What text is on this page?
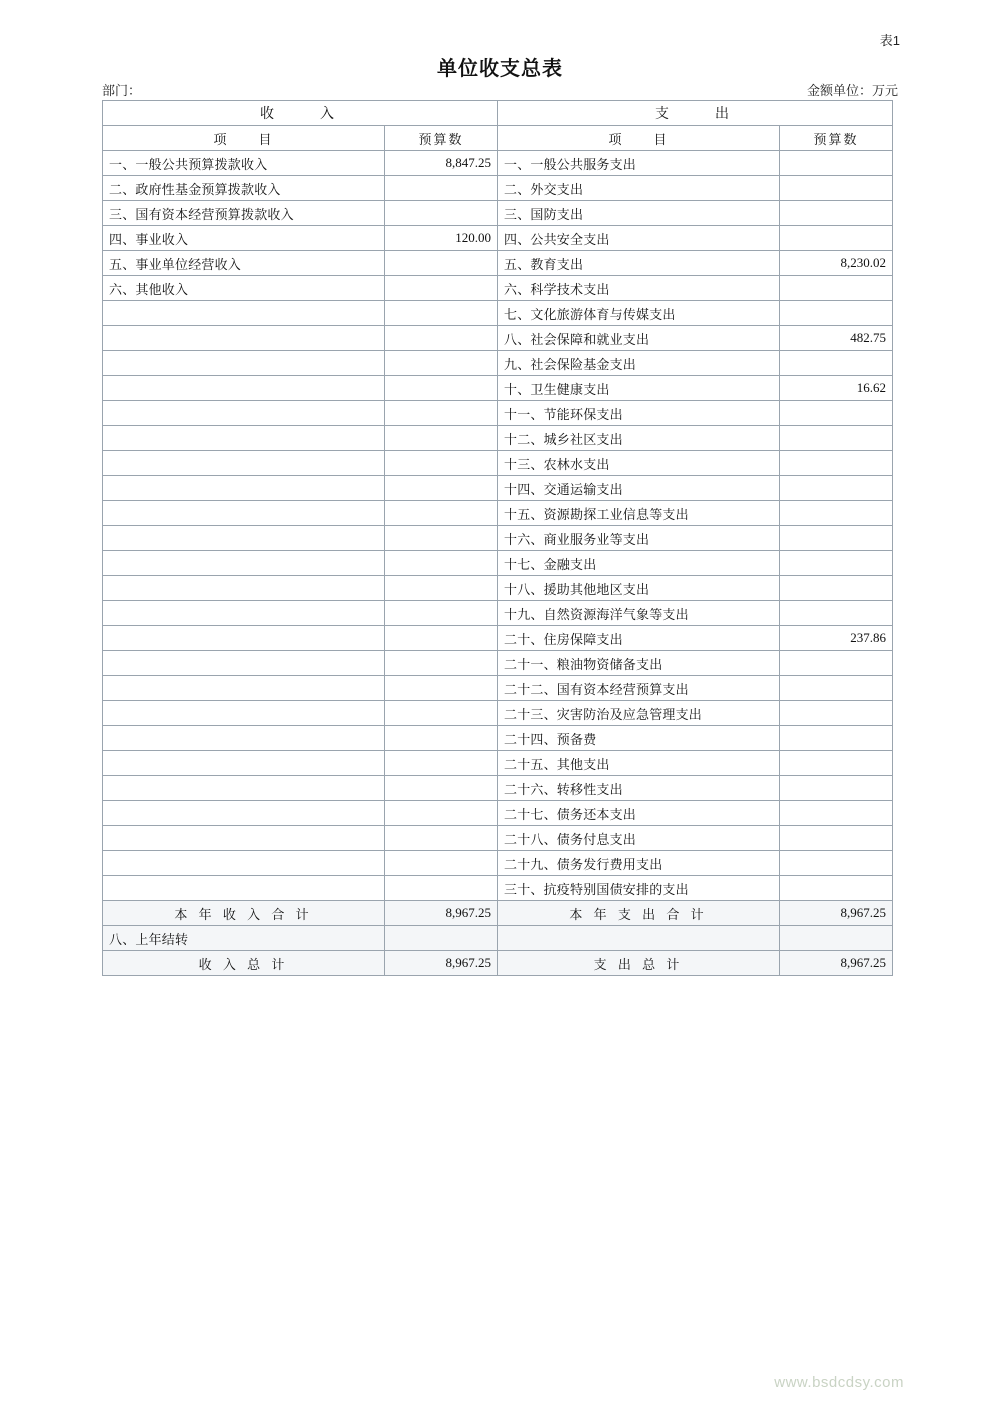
表1
单位收支总表
部门：	金额单位：万元
收　　入		支　　出	
项　　目	预算数	项　　目	预算数
一、一般公共预算拨款收入	8,847.25	一、一般公共服务支出	
二、政府性基金预算拨款收入		二、外交支出	
三、国有资本经营预算拨款收入		三、国防支出	
四、事业收入	120.00	四、公共安全支出	
五、事业单位经营收入		五、教育支出	8,230.02
六、其他收入		六、科学技术支出	
		七、文化旅游体育与传媒支出	
		八、社会保障和就业支出	482.75
		九、社会保险基金支出	
		十、卫生健康支出	16.62
		十一、节能环保支出	
		十二、城乡社区支出	
		十三、农林水支出	
		十四、交通运输支出	
		十五、资源勘探工业信息等支出	
		十六、商业服务业等支出	
		十七、金融支出	
		十八、援助其他地区支出	
		十九、自然资源海洋气象等支出	
		二十、住房保障支出	237.86
		二十一、粮油物资储备支出	
		二十二、国有资本经营预算支出	
		二十三、灾害防治及应急管理支出	
		二十四、预备费	
		二十五、其他支出	
		二十六、转移性支出	
		二十七、债务还本支出	
		二十八、债务付息支出	
		二十九、债务发行费用支出	
		三十、抗疫特别国债安排的支出	
本 年 收 入 合 计	8,967.25	本 年 支 出 合 计	8,967.25
八、上年结转			
收 入 总 计	8,967.25	支 出 总 计	8,967.25
www.bsdcdsy.com
